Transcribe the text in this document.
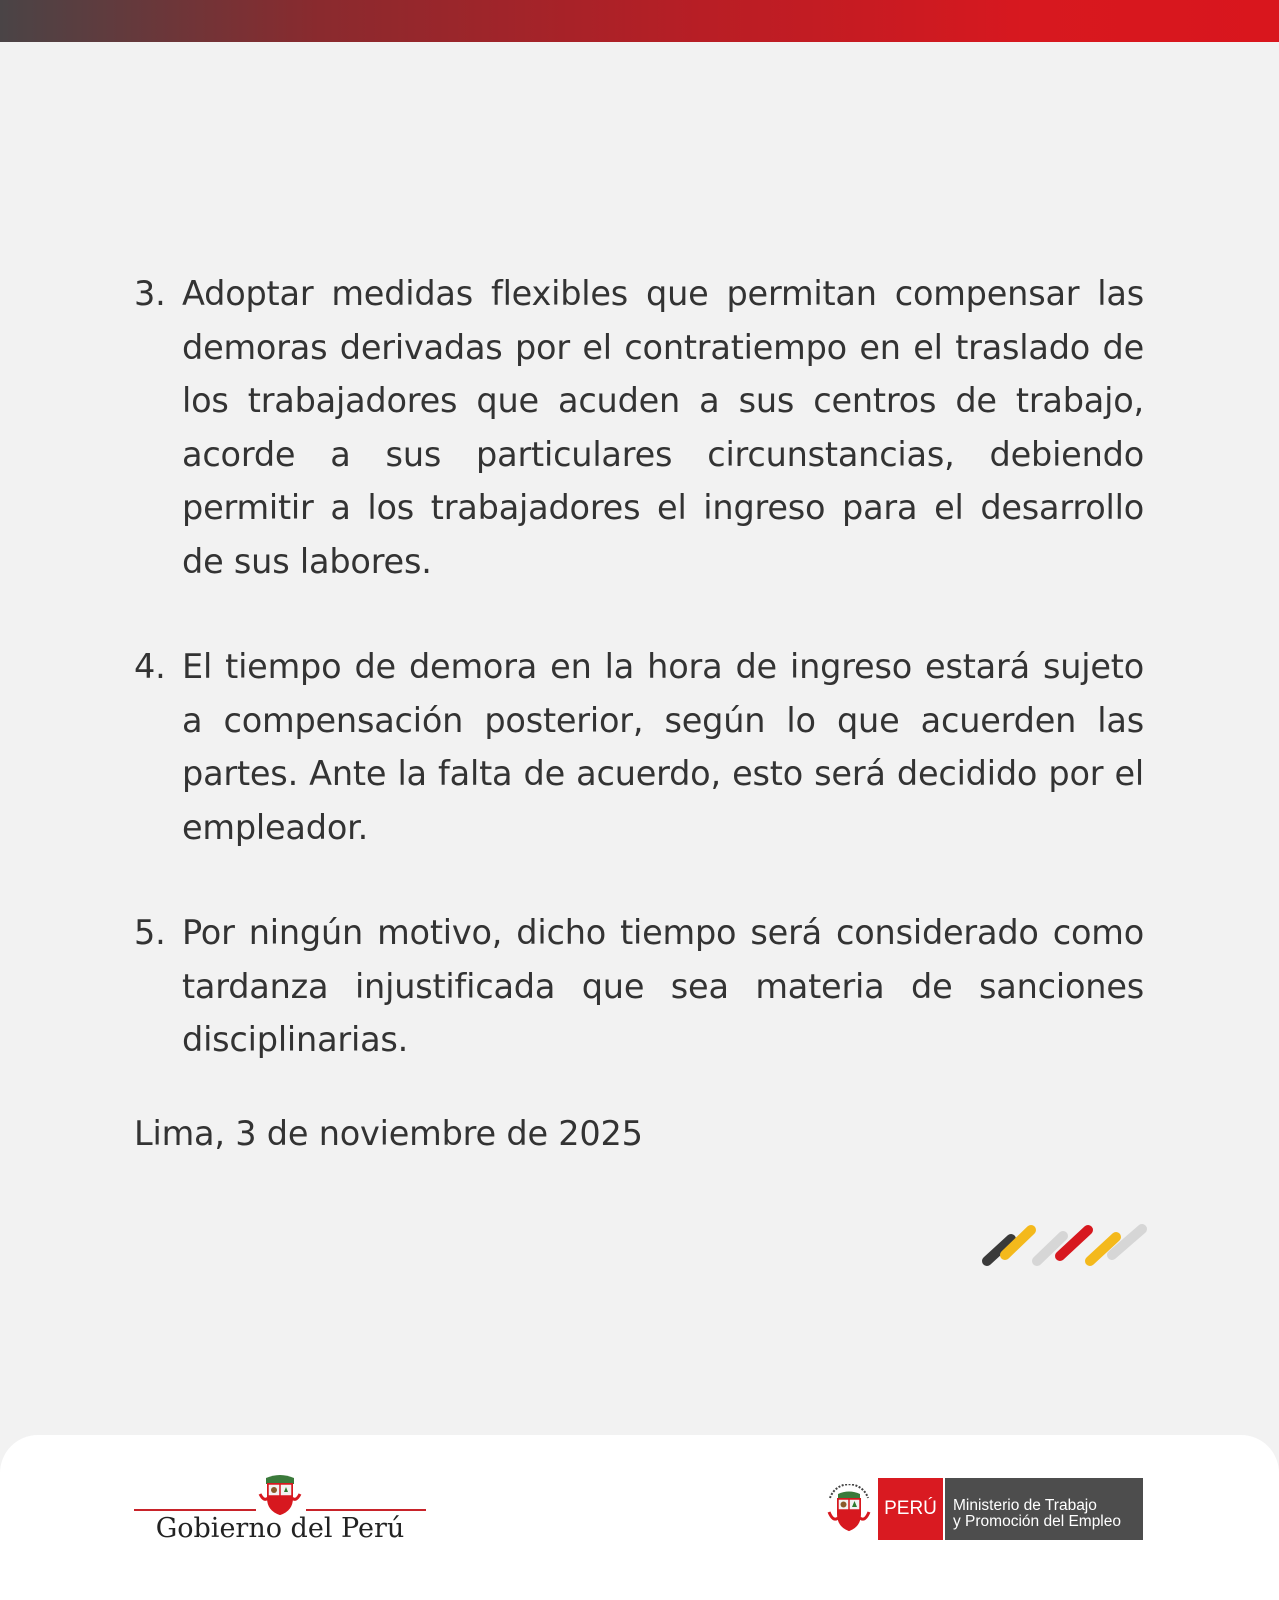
3. Adoptar medidas flexibles que permitan compensar las demoras derivadas por el contratiempo en el traslado de los trabajadores que acuden a sus centros de trabajo, acorde a sus particulares circunstancias, debiendo permitir a los trabajadores el ingreso para el desarrollo de sus labores.
4. El tiempo de demora en la hora de ingreso estará sujeto a compensación posterior, según lo que acuerden las partes. Ante la falta de acuerdo, esto será decidido por el empleador.
5. Por ningún motivo, dicho tiempo será considerado como tardanza injustificada que sea materia de sanciones disciplinarias.
Lima, 3 de noviembre de 2025
Gobierno del Perú
PERÚ	Ministerio de Trabajo
y Promoción del Empleo
